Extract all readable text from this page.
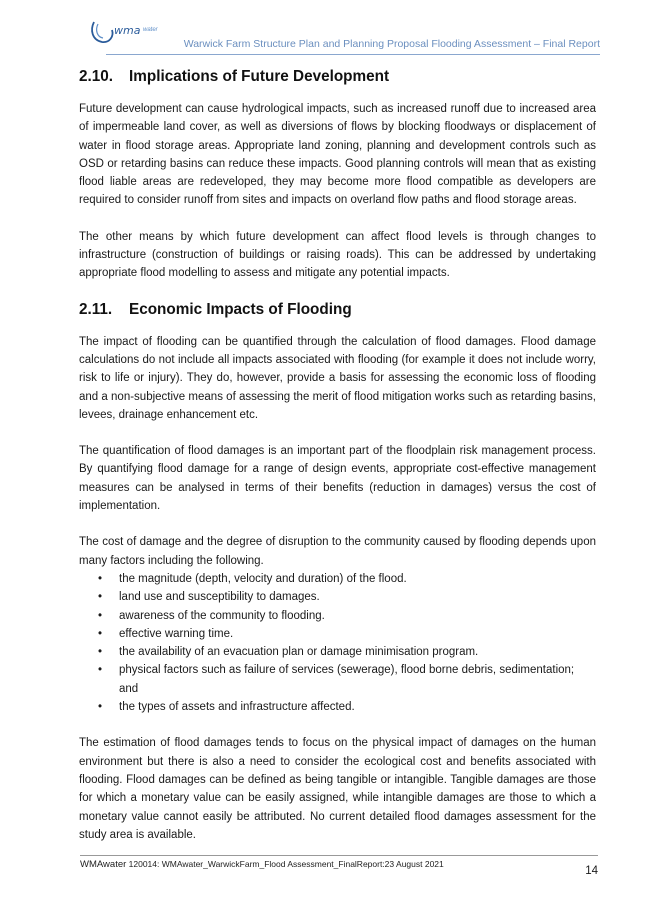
wma water
Warwick Farm Structure Plan and Planning Proposal Flooding Assessment – Final Report
2.10. Implications of Future Development

Future development can cause hydrological impacts, such as increased runoff due to increased area of impermeable land cover, as well as diversions of flows by blocking floodways or displacement of water in flood storage areas. Appropriate land zoning, planning and development controls such as OSD or retarding basins can reduce these impacts. Good planning controls will mean that as existing flood liable areas are redeveloped, they may become more flood compatible as developers are required to consider runoff from sites and impacts on overland flow paths and flood storage areas.

The other means by which future development can affect flood levels is through changes to infrastructure (construction of buildings or raising roads). This can be addressed by undertaking appropriate flood modelling to assess and mitigate any potential impacts.

2.11. Economic Impacts of Flooding

The impact of flooding can be quantified through the calculation of flood damages. Flood damage calculations do not include all impacts associated with flooding (for example it does not include worry, risk to life or injury). They do, however, provide a basis for assessing the economic loss of flooding and a non-subjective means of assessing the merit of flood mitigation works such as retarding basins, levees, drainage enhancement etc.

The quantification of flood damages is an important part of the floodplain risk management process. By quantifying flood damage for a range of design events, appropriate cost-effective management measures can be analysed in terms of their benefits (reduction in damages) versus the cost of implementation.

The cost of damage and the degree of disruption to the community caused by flooding depends upon many factors including the following.

• the magnitude (depth, velocity and duration) of the flood.
• land use and susceptibility to damages.
• awareness of the community to flooding.
• effective warning time.
• the availability of an evacuation plan or damage minimisation program.
• physical factors such as failure of services (sewerage), flood borne debris, sedimentation; and
• the types of assets and infrastructure affected.

The estimation of flood damages tends to focus on the physical impact of damages on the human environment but there is also a need to consider the ecological cost and benefits associated with flooding. Flood damages can be defined as being tangible or intangible. Tangible damages are those for which a monetary value can be easily assigned, while intangible damages are those to which a monetary value cannot easily be attributed. No current detailed flood damages assessment for the study area is available.

WMAwater 120014: WMAwater_WarwickFarm_Flood Assessment_FinalReport:23 August 2021
14
